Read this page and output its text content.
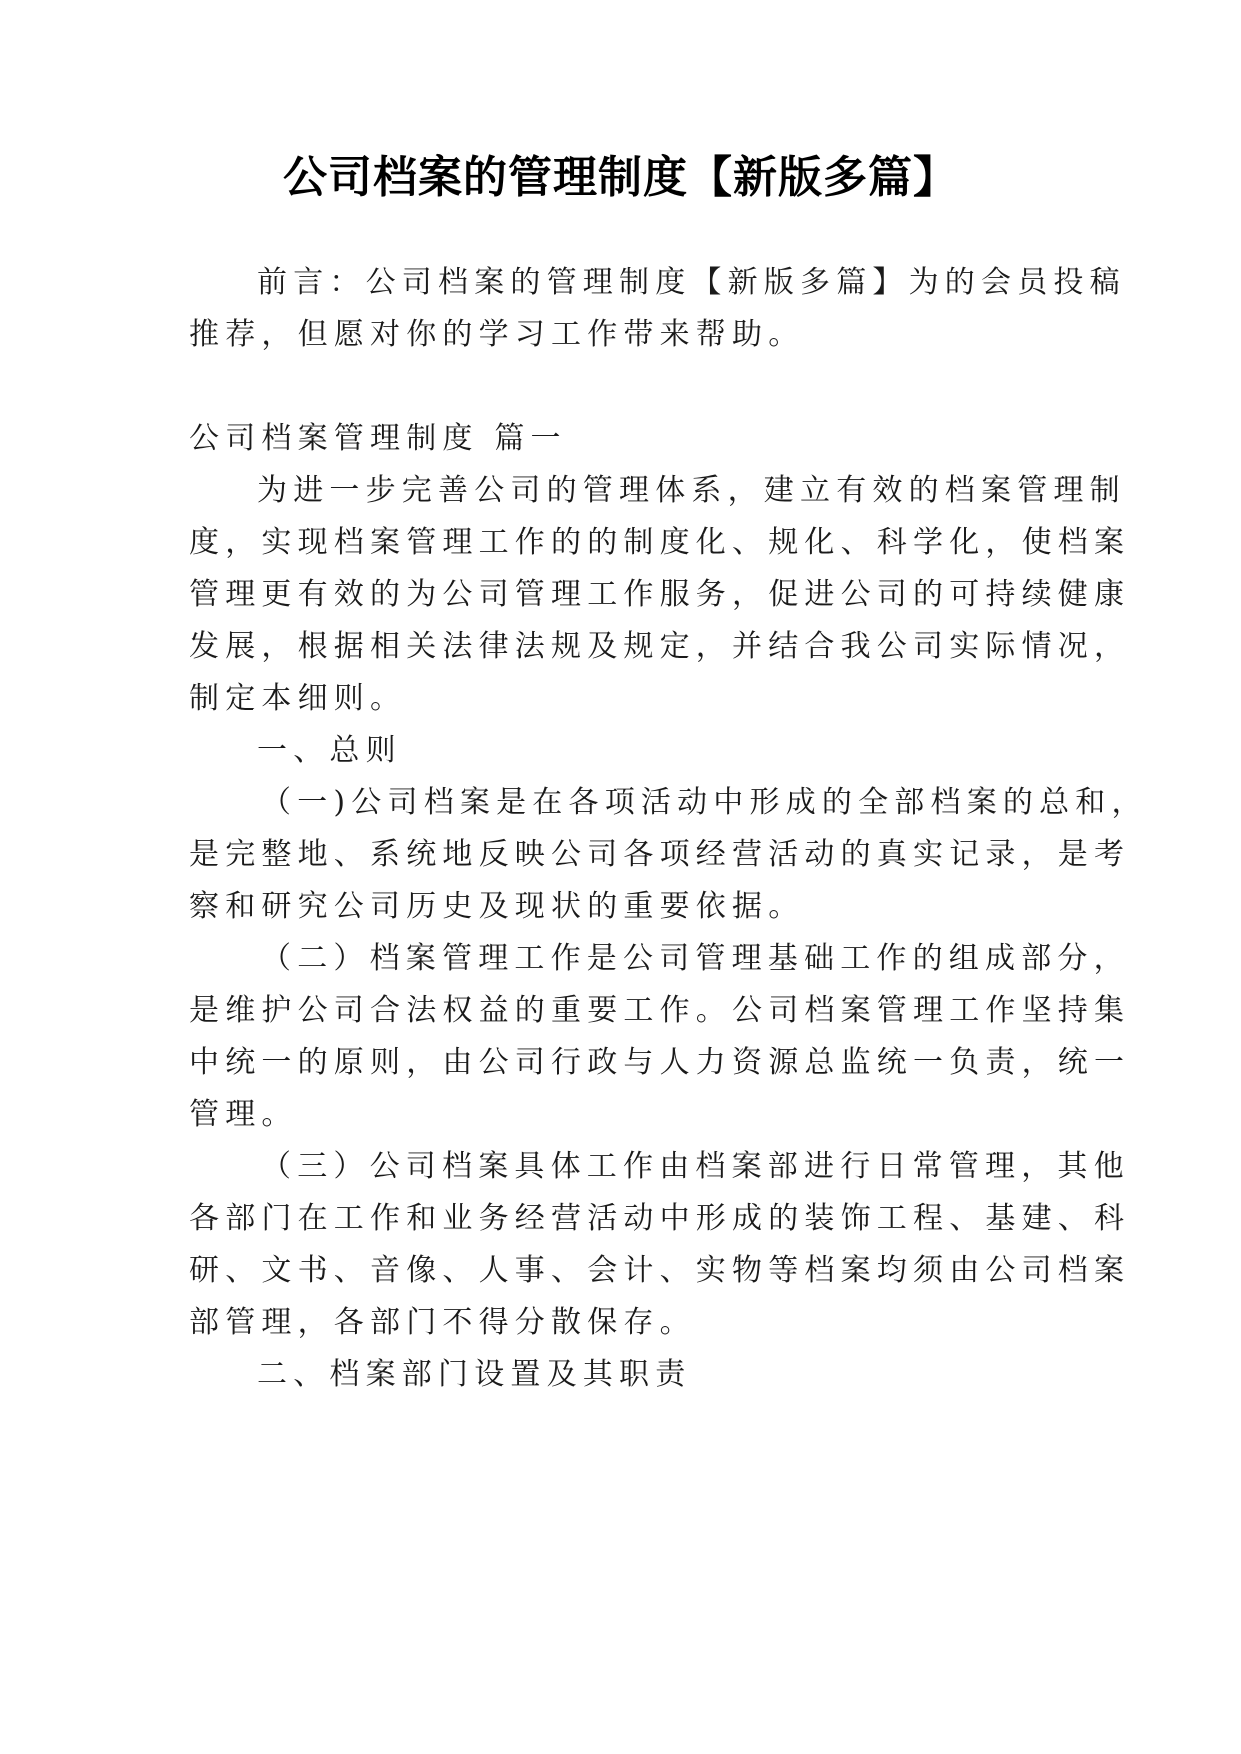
公司档案的管理制度【新版多篇】
前言：公司档案的管理制度【新版多篇】为的会员投稿
推荐，但愿对你的学习工作带来帮助。
公司档案管理制度 篇一
为进一步完善公司的管理体系，建立有效的档案管理制
度，实现档案管理工作的的制度化、规化、科学化，使档案
管理更有效的为公司管理工作服务，促进公司的可持续健康
发展，根据相关法律法规及规定，并结合我公司实际情况，
制定本细则。
一、总则
（一)公司档案是在各项活动中形成的全部档案的总和，
是完整地、系统地反映公司各项经营活动的真实记录，是考
察和研究公司历史及现状的重要依据。
（二）档案管理工作是公司管理基础工作的组成部分，
是维护公司合法权益的重要工作。公司档案管理工作坚持集
中统一的原则，由公司行政与人力资源总监统一负责，统一
管理。
（三）公司档案具体工作由档案部进行日常管理，其他
各部门在工作和业务经营活动中形成的装饰工程、基建、科
研、文书、音像、人事、会计、实物等档案均须由公司档案
部管理，各部门不得分散保存。
二、档案部门设置及其职责
